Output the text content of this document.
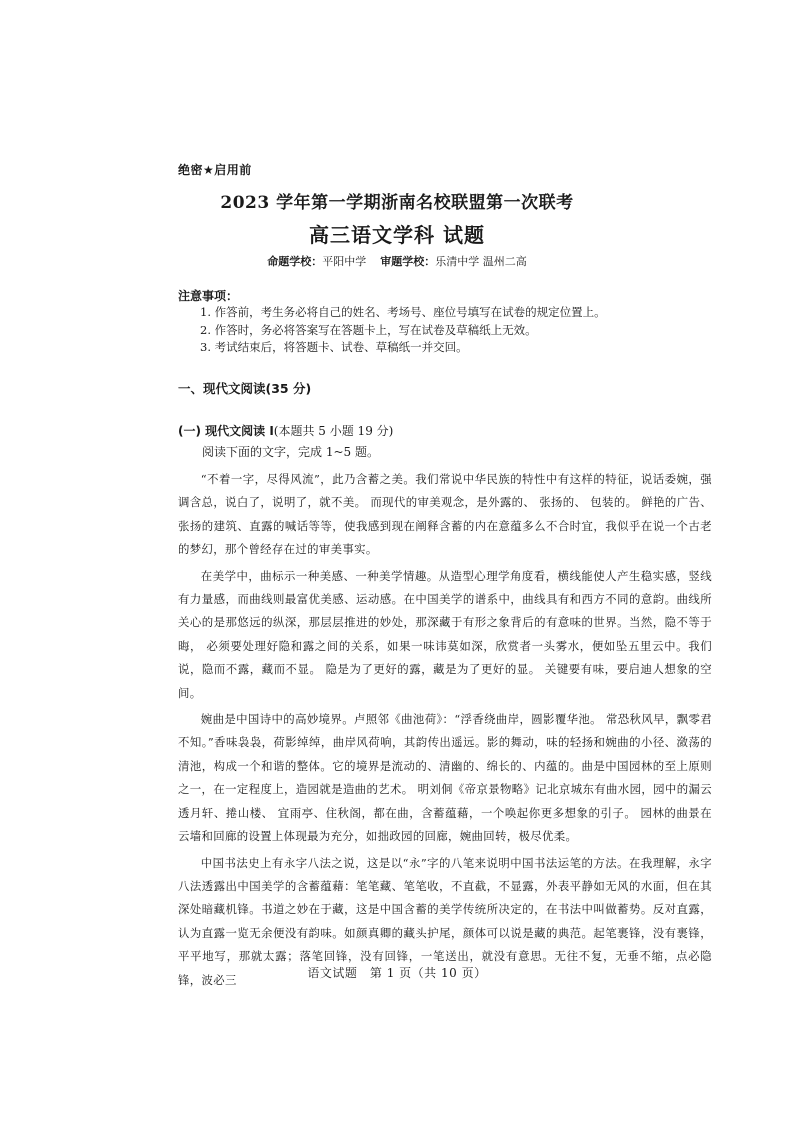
绝密★启用前
2023 学年第一学期浙南名校联盟第一次联考
高三语文学科 试题
命题学校：平阳中学 审题学校：乐清中学 温州二高
注意事项：
1. 作答前，考生务必将自己的姓名、考场号、座位号填写在试卷的规定位置上。
2. 作答时，务必将答案写在答题卡上，写在试卷及草稿纸上无效。
3. 考试结束后，将答题卡、试卷、草稿纸一并交回。
一、现代文阅读(35 分)
(一) 现代文阅读 I(本题共 5 小题 19 分)
阅读下面的文字，完成 1~5 题。

“不着一字，尽得风流”，此乃含蓄之美。我们常说中华民族的特性中有这样的特征，说话委婉，强调含总，说白了，说明了，就不美。 而现代的审美观念，是外露的、 张扬的、 包装的。 鲜艳的广告、张扬的建筑、直露的喊话等等，使我感到现在阐释含蓄的内在意蕴多么不合时宜，我似乎在说一个古老的梦幻，那个曾经存在过的审美事实。

在美学中，曲标示一种美感、一种美学情趣。从造型心理学角度看，横线能使人产生稳实感，竖线有力量感，而曲线则最富优美感、运动感。在中国美学的谱系中，曲线具有和西方不同的意韵。曲线所关心的是那悠远的纵深，那层层推进的妙处，那深藏于有形之象背后的有意味的世界。当然，隐不等于晦， 必须要处理好隐和露之间的关系，如果一味讳莫如深，欣赏者一头雾水，便如坠五里云中。我们说，隐而不露，藏而不显。 隐是为了更好的露，藏是为了更好的显。 关键要有味，要启迪人想象的空间。

婉曲是中国诗中的高妙境界。卢照邻《曲池荷》：“浮香绕曲岸，圆影覆华池。 常恐秋风早，飘零君不知。”香味袅袅，荷影绰绰，曲岸风荷响，其韵传出遥远。影的舞动，味的轻扬和婉曲的小径、潋荡的清池，构成一个和谐的整体。它的境界是流动的、清幽的、绵长的、内蕴的。曲是中国园林的至上原则之一，在一定程度上，造园就是造曲的艺术。 明刘侗《帝京景物略》记北京城东有曲水园，园中的漏云透月轩、捲山楼、 宜雨亭、住秋阁，都在曲，含蓄蕴藉，一个唤起你更多想象的引子。 园林的曲景在云墙和回廊的设置上体现最为充分，如拙政园的回廊，婉曲回转，极尽优柔。

中国书法史上有永字八法之说，这是以“永”字的八笔来说明中国书法运笔的方法。在我理解，永字八法透露出中国美学的含蓄蕴藉：笔笔藏、笔笔收，不直截，不显露，外表平静如无风的水面，但在其深处暗藏机锋。书道之妙在于藏，这是中国含蓄的美学传统所决定的，在书法中叫做蓄势。反对直露，认为直露一览无余便没有韵味。如颜真卿的藏头护尾，颜体可以说是藏的典范。起笔裹锋，没有裹锋，平平地写，那就太露；落笔回锋，没有回锋，一笔送出，就没有意思。无往不复，无垂不缩，点必隐锋，波必三	语文试题　第 1 页（共 10 页）
